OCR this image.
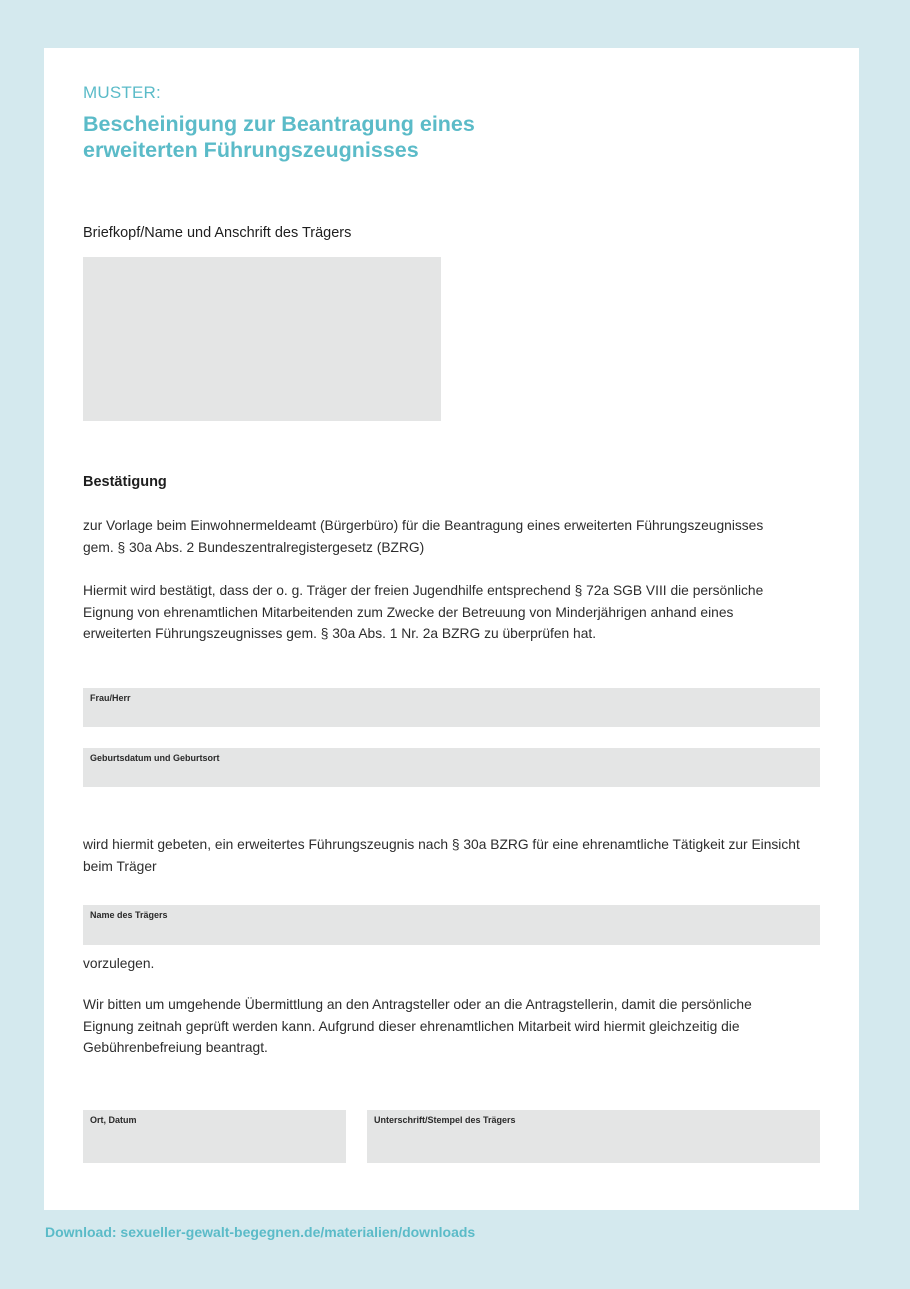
MUSTER:

Bescheinigung zur Beantragung eines
erweiterten Führungszeugnisses

Briefkopf/Name und Anschrift des Trägers

Bestätigung

zur Vorlage beim Einwohnermeldeamt (Bürgerbüro) für die Beantragung eines erweiterten Führungszeugnisses
gem. § 30a Abs. 2 Bundeszentralregistergesetz (BZRG)
Hiermit wird bestätigt, dass der o. g. Träger der freien Jugendhilfe entsprechend § 72a SGB VIII die persönliche
Eignung von ehrenamtlichen Mitarbeitenden zum Zwecke der Betreuung von Minderjährigen anhand eines
erweiterten Führungszeugnisses gem. § 30a Abs. 1 Nr. 2a BZRG zu überprüfen hat.
Frau/Herr
Geburtsdatum und Geburtsort
wird hiermit gebeten, ein erweitertes Führungszeugnis nach § 30a BZRG für eine ehrenamtliche Tätigkeit zur Einsicht
beim Träger
Name des Trägers
vorzulegen.
Wir bitten um umgehende Übermittlung an den Antragsteller oder an die Antragstellerin, damit die persönliche
Eignung zeitnah geprüft werden kann. Aufgrund dieser ehrenamtlichen Mitarbeit wird hiermit gleichzeitig die
Gebührenbefreiung beantragt.
Ort, Datum	Unterschrift/Stempel des Trägers
Download: sexueller-gewalt-begegnen.de/materialien/downloads
